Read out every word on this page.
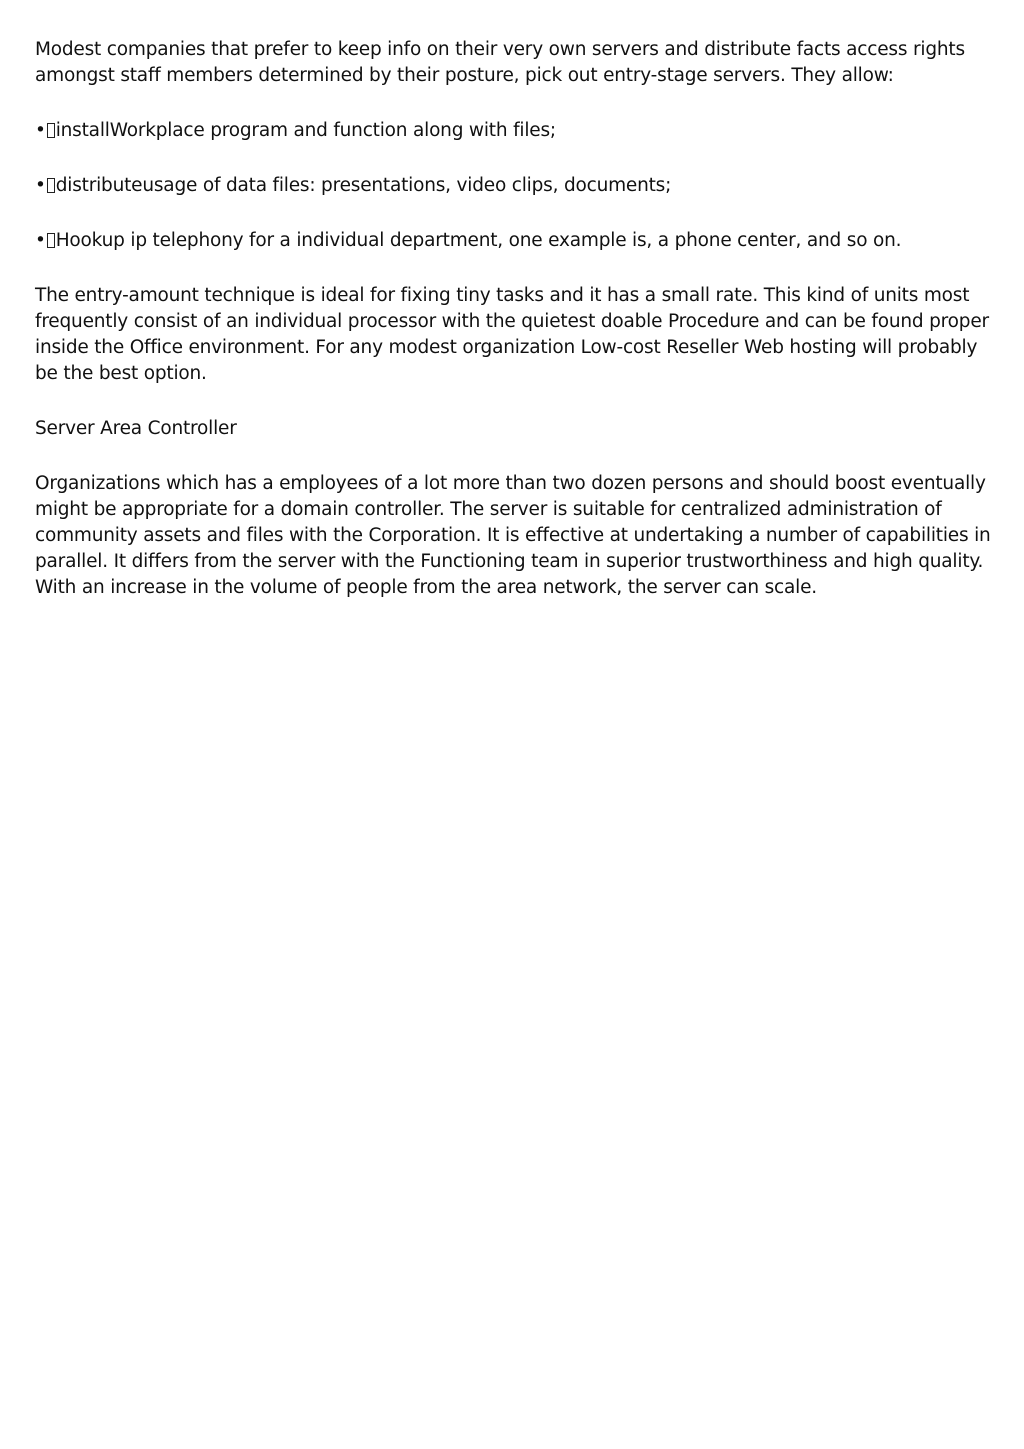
Modest companies that prefer to keep info on their very own servers and distribute facts access rights amongst staff members determined by their posture, pick out entry-stage servers. They allow:

• installWorkplace program and function along with files;
• distributeusage of data files: presentations, video clips, documents;
• Hookup ip telephony for a individual department, one example is, a phone center, and so on.

The entry-amount technique is ideal for fixing tiny tasks and it has a small rate. This kind of units most frequently consist of an individual processor with the quietest doable Procedure and can be found proper inside the Office environment. For any modest organization Low-cost Reseller Web hosting will probably be the best option.

Server Area Controller

Organizations which has a employees of a lot more than two dozen persons and should boost eventually might be appropriate for a domain controller. The server is suitable for centralized administration of community assets and files with the Corporation. It is effective at undertaking a number of capabilities in parallel. It differs from the server with the Functioning team in superior trustworthiness and high quality. With an increase in the volume of people from the area network, the server can scale.
